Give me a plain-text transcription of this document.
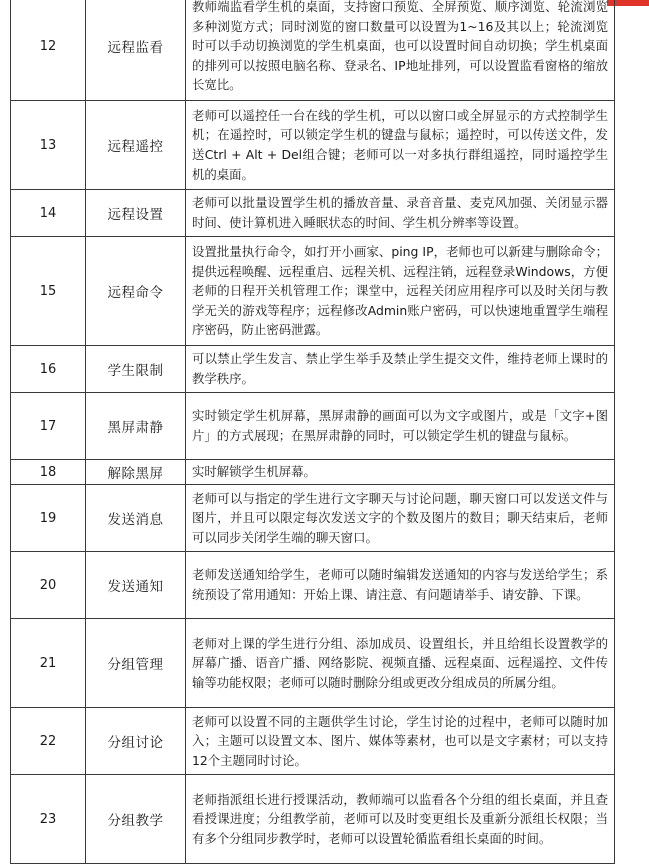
12	远程监看	教师端监看学生机的桌面，支持窗口预览、全屏预览、顺序浏览、轮流浏览多种浏览方式；同时浏览的窗口数量可以设置为1~16及其以上；轮流浏览时可以手动切换浏览的学生机桌面，也可以设置时间自动切换；学生机桌面的排列可以按照电脑名称、登录名、IP地址排列，可以设置监看窗格的缩放长宽比。
13	远程遥控	老师可以遥控任一台在线的学生机，可以以窗口或全屏显示的方式控制学生机；在遥控时，可以锁定学生机的键盘与鼠标；遥控时，可以传送文件，发送Ctrl + Alt + Del组合键；老师可以一对多执行群组遥控，同时遥控学生机的桌面。
14	远程设置	老师可以批量设置学生机的播放音量、录音音量、麦克风加强、关闭显示器时间、使计算机进入睡眠状态的时间、学生机分辨率等设置。
15	远程命令	设置批量执行命令，如打开小画家、ping IP，老师也可以新建与删除命令；提供远程唤醒、远程重启、远程关机、远程注销，远程登录Windows，方便老师的日程开关机管理工作；课堂中，远程关闭应用程序可以及时关闭与教学无关的游戏等程序；远程修改Admin账户密码，可以快速地重置学生端程序密码，防止密码泄露。
16	学生限制	可以禁止学生发言、禁止学生举手及禁止学生提交文件，维持老师上课时的教学秩序。
17	黑屏肃静	实时锁定学生机屏幕，黑屏肃静的画面可以为文字或图片，或是「文字+图片」的方式展现；在黑屏肃静的同时，可以锁定学生机的键盘与鼠标。
18	解除黑屏	实时解锁学生机屏幕。
19	发送消息	老师可以与指定的学生进行文字聊天与讨论问题，聊天窗口可以发送文件与图片，并且可以限定每次发送文字的个数及图片的数目；聊天结束后，老师可以同步关闭学生端的聊天窗口。
20	发送通知	老师发送通知给学生，老师可以随时编辑发送通知的内容与发送给学生；系统预设了常用通知：开始上课、请注意、有问题请举手、请安静、下课。
21	分组管理	老师对上课的学生进行分组、添加成员、设置组长，并且给组长设置教学的屏幕广播、语音广播、网络影院、视频直播、远程桌面、远程遥控、文件传输等功能权限；老师可以随时删除分组或更改分组成员的所属分组。
22	分组讨论	老师可以设置不同的主题供学生讨论，学生讨论的过程中，老师可以随时加入；主题可以设置文本、图片、媒体等素材，也可以是文字素材；可以支持12个主题同时讨论。
23	分组教学	老师指派组长进行授课活动，教师端可以监看各个分组的组长桌面，并且查看授课进度；分组教学前，老师可以及时变更组长及重新分派组长权限；当有多个分组同步教学时，老师可以设置轮循监看组长桌面的时间。
